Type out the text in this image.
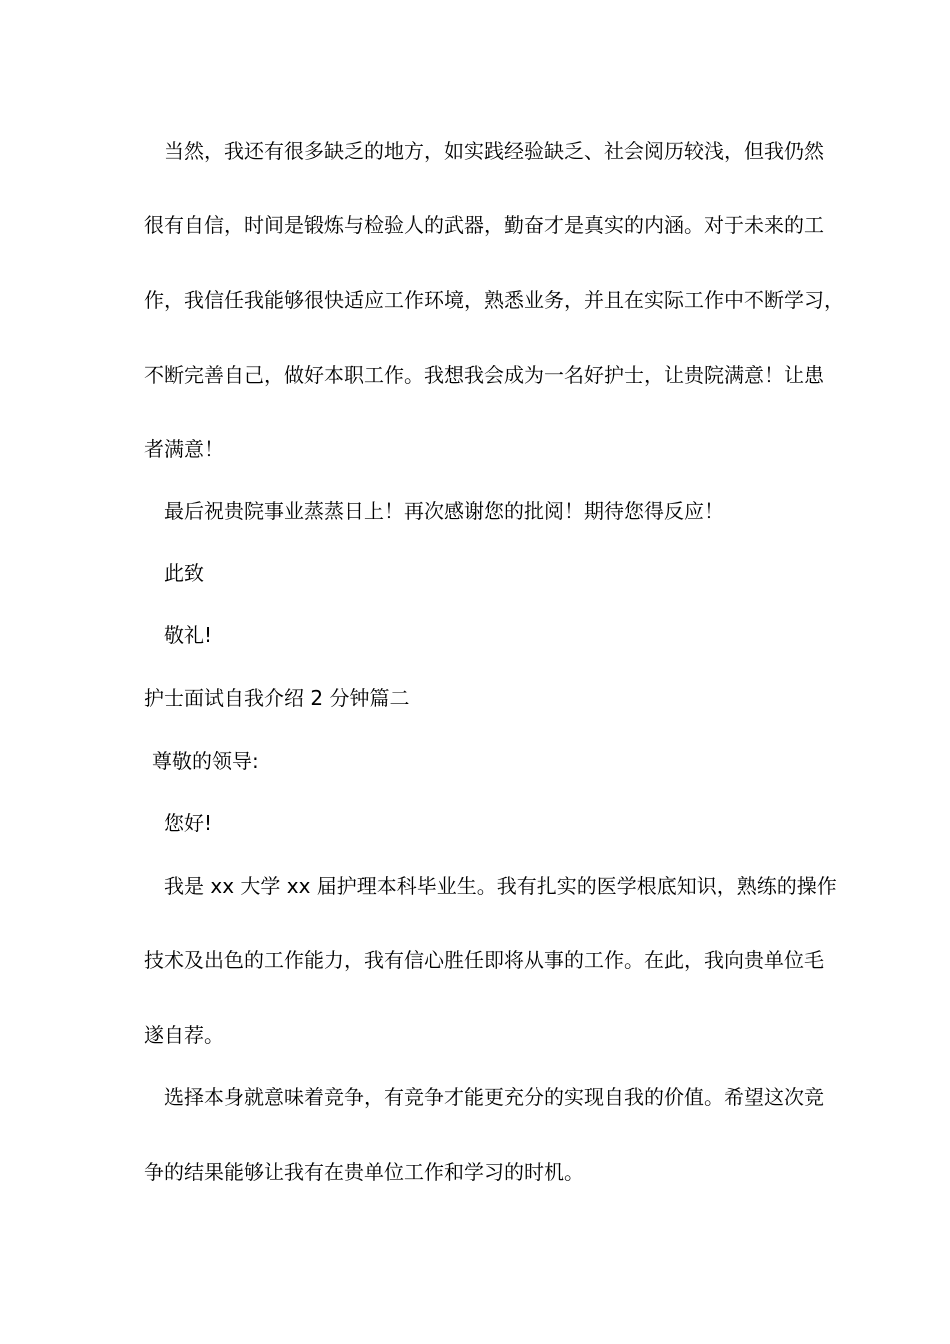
当然，我还有很多缺乏的地方，如实践经验缺乏、社会阅历较浅，但我仍然
很有自信，时间是锻炼与检验人的武器，勤奋才是真实的内涵。对于未来的工
作，我信任我能够很快适应工作环境，熟悉业务，并且在实际工作中不断学习，
不断完善自己，做好本职工作。我想我会成为一名好护士，让贵院满意！让患
者满意！
最后祝贵院事业蒸蒸日上！再次感谢您的批阅！期待您得反应！
此致
敬礼!
护士面试自我介绍 2 分钟篇二
尊敬的领导:
您好!
我是 xx 大学 xx 届护理本科毕业生。我有扎实的医学根底知识，熟练的操作
技术及出色的工作能力，我有信心胜任即将从事的工作。在此，我向贵单位毛
遂自荐。
选择本身就意味着竞争，有竞争才能更充分的实现自我的价值。希望这次竞
争的结果能够让我有在贵单位工作和学习的时机。
